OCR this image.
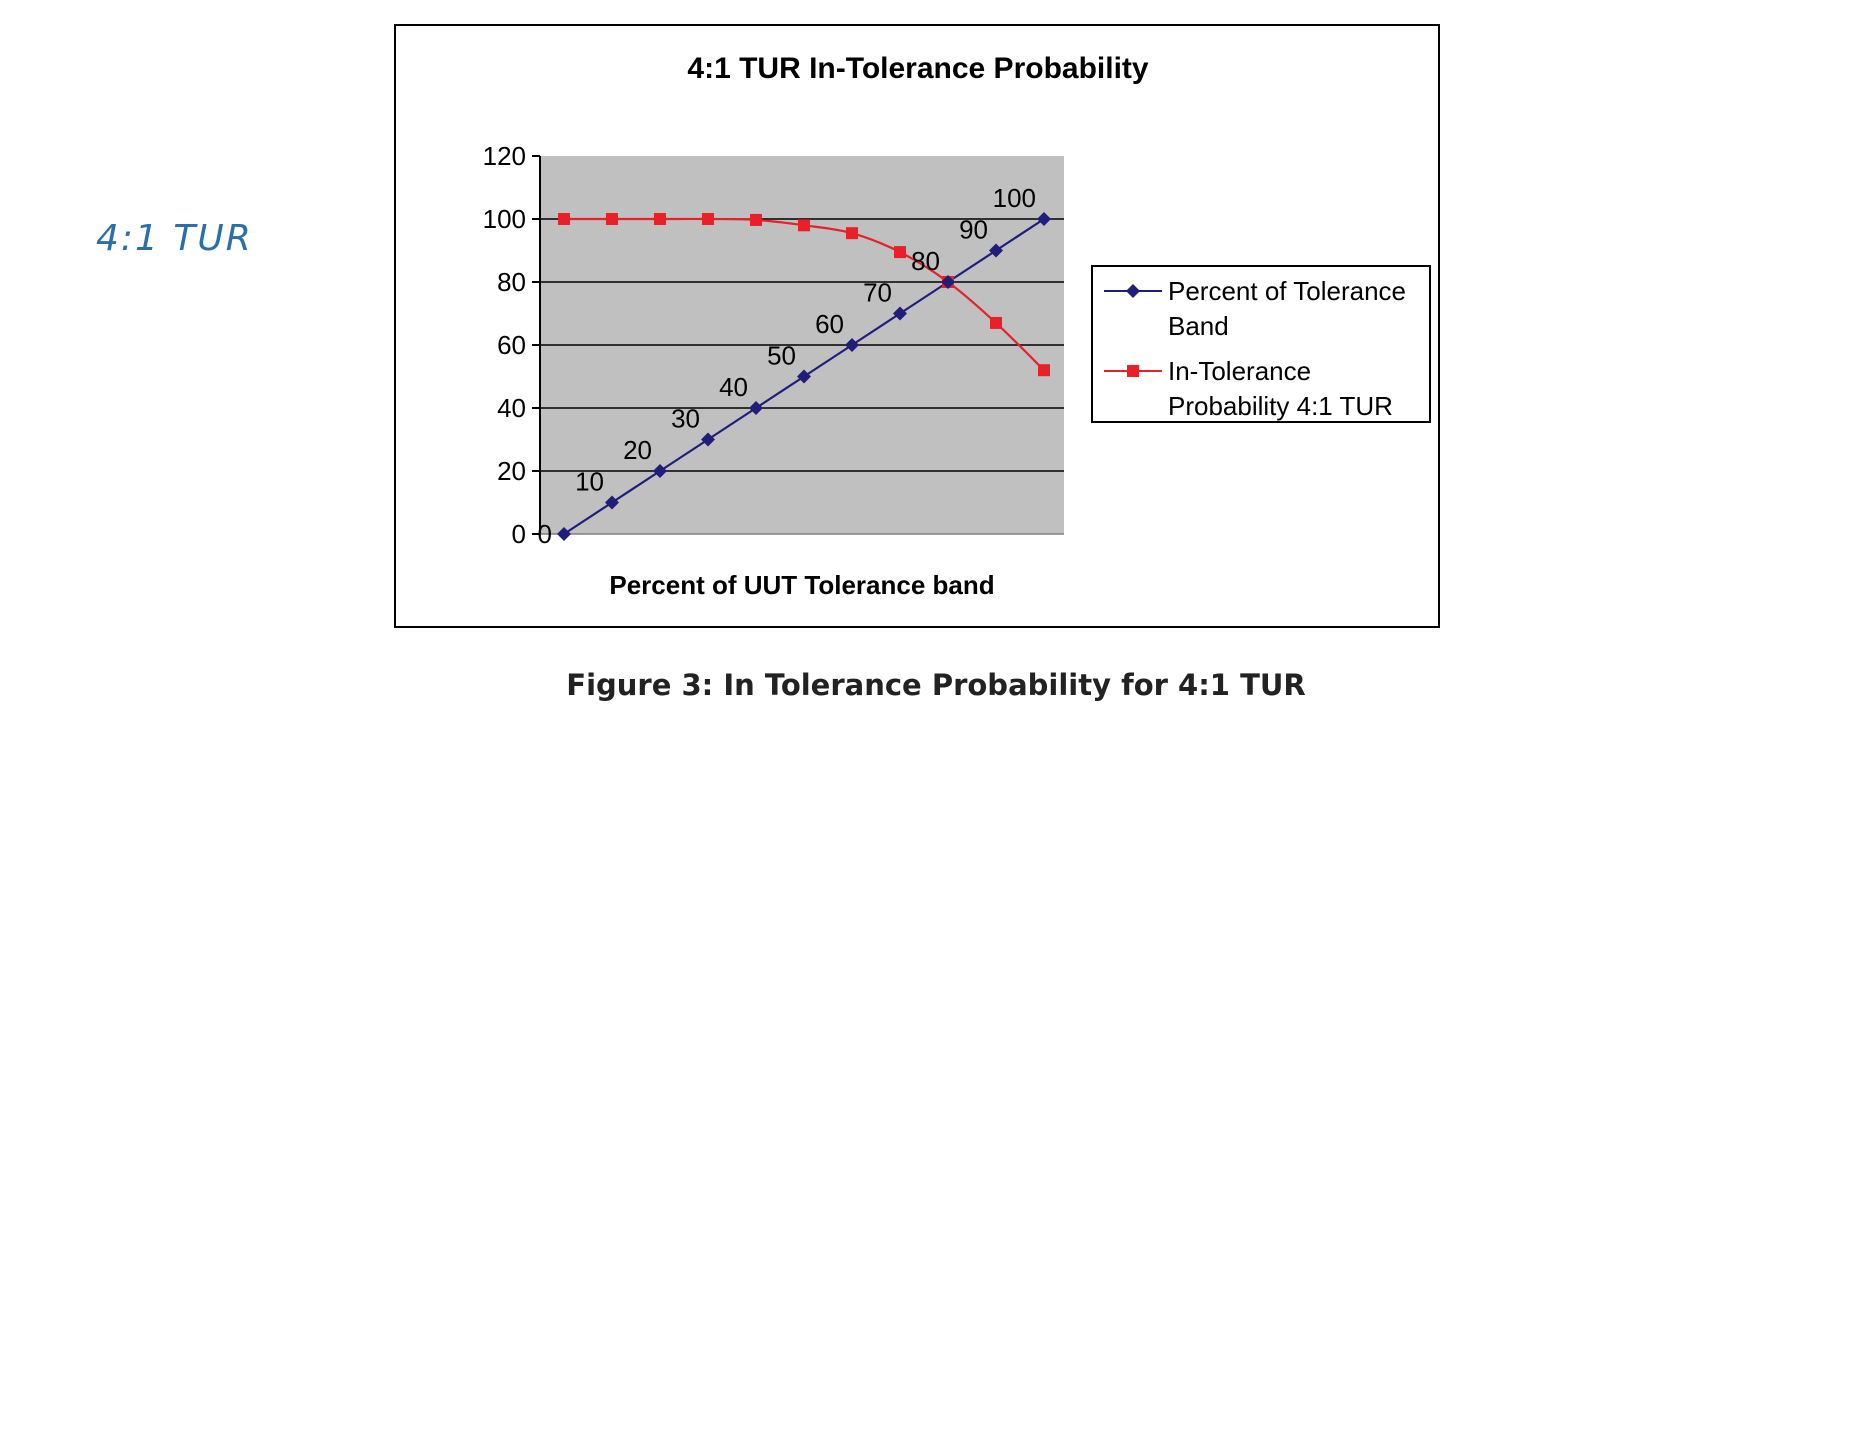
4:1 TUR
4:1 TUR In-Tolerance Probability
0
20
40
60
80
100
120
0
10
20
30
40
50
60
70
80
90
100
Percent of UUT Tolerance band
Percent of Tolerance Band
In-Tolerance Probability 4:1 TUR
Figure 3: In Tolerance Probability for 4:1 TUR
